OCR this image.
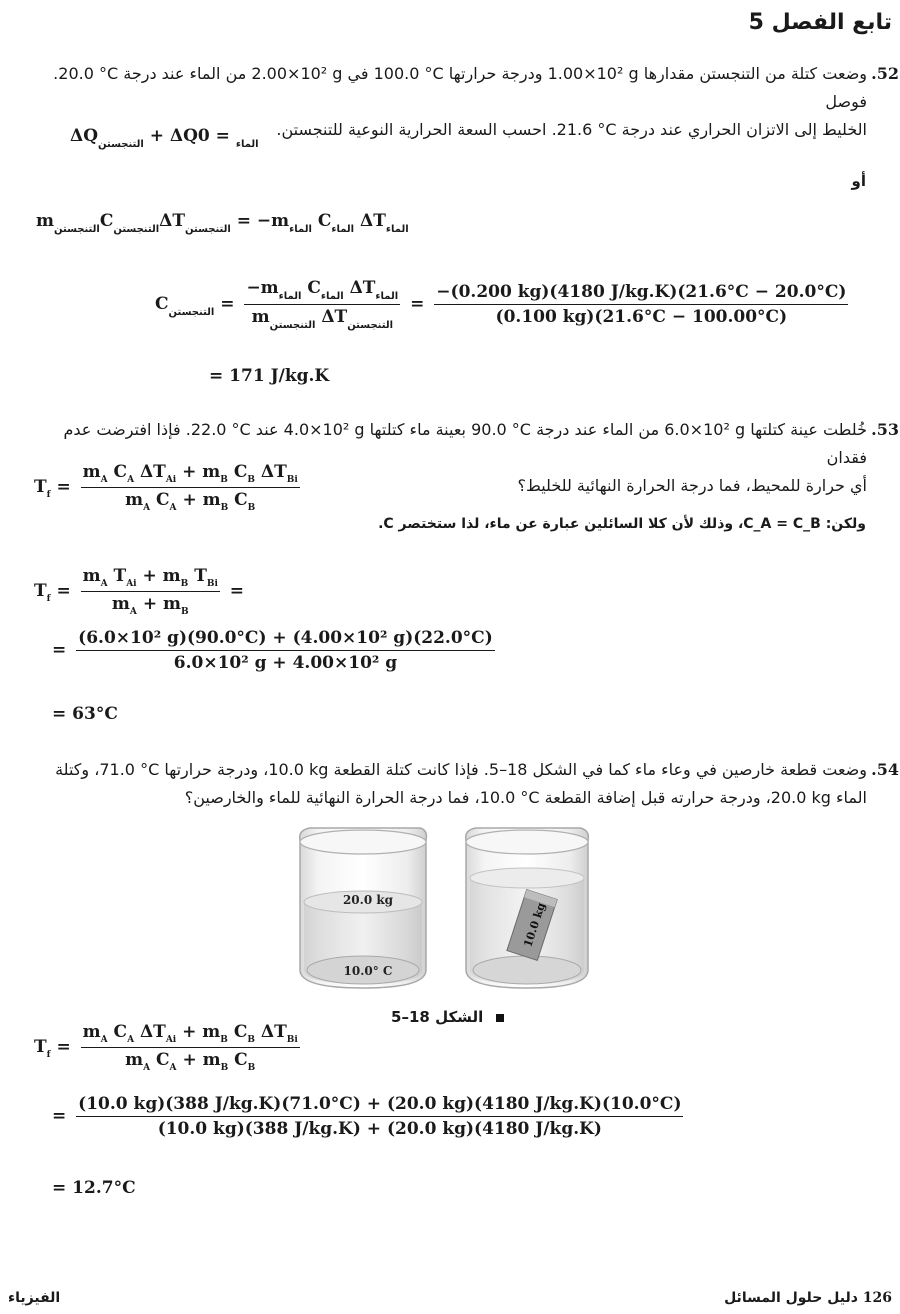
تابع الفصل 5
52.
وضعت كتلة من التنجستن مقدارها ‎1.00×10² g‎ ودرجة حرارتها ‎100.0 °C‎ في ‎2.00×10² g‎ من الماء عند درجة ‎20.0 °C‎. فوصل
الخليط إلى الاتزان الحراري عند درجة ‎21.6 °C‎. احسب السعة الحرارية النوعية للتنجستن.
$\Delta Q_{التنجستن} + \Delta Q$	$_{الماء}$ = 0
أو
$m_{التنجستن}C_{التنجستن}\Delta T_{التنجستن} = -m_{الماء}$ $C_{الماء}$ $\Delta T_{الماء}$
$C_{التنجستن} = \frac{-m_{الماء} C_{الماء} \Delta T_{الماء}}{m_{التنجستن} \Delta T_{التنجستن}} = \frac{-(0.200 kg)(4180 J/kg.K)(21.6^\circ C - 20.0^\circ C)}{(0.100 kg)(21.6^\circ C - 100.00^\circ C)}$
= 171 J/kg.K
53.
خُلطت عينة كتلتها ‎6.0×10² g‎ من الماء عند درجة ‎90.0 °C‎ بعينة ماء كتلتها ‎4.0×10² g‎ عند ‎22.0 °C‎. فإذا افترضت عدم فقدان
أي حرارة للمحيط، فما درجة الحرارة النهائية للخليط؟
$T_f = \frac{m_A C_A \Delta T_{Ai} + m_B C_B \Delta T_{Bi}}{m_A C_A + m_B C_B}$
ولكن: ‎C_A = C_B‎، وذلك لأن كلا السائلين عبارة عن ماء، لذا ستختصر C.
$T_f = \frac{m_A T_{Ai} + m_B T_{Bi}}{m_A + m_B}$ =
= $\frac{\text{(6.0×10² g)(90.0°C) + (4.00×10² g)(22.0°C)}}{\text{6.0×10² g + 4.00×10² g}}$
= 63°C
54.
وضعت قطعة خارصين في وعاء ماء كما في الشكل 18–5. فإذا كانت كتلة القطعة ‎10.0 kg‎، ودرجة حرارتها ‎71.0 °C‎، وكتلة
الماء ‎20.0 kg‎، ودرجة حرارته قبل إضافة القطعة ‎10.0 °C‎، فما درجة الحرارة النهائية للماء والخارصين؟
20.0 kg
10.0° C
10.0 kg
الشكل 18–5
$T_f = \frac{m_A C_A \Delta T_{Ai} + m_B C_B \Delta T_{Bi}}{m_A C_A + m_B C_B}$
=
(10.0 kg)(388 J/kg.K)(71.0°C) + (20.0 kg)(4180 J/kg.K)(10.0°C)
(10.0 kg)(388 J/kg.K) + (20.0 kg)(4180 J/kg.K)
= 12.7°C
الفيزياء	126 دليل حلول المسائل
